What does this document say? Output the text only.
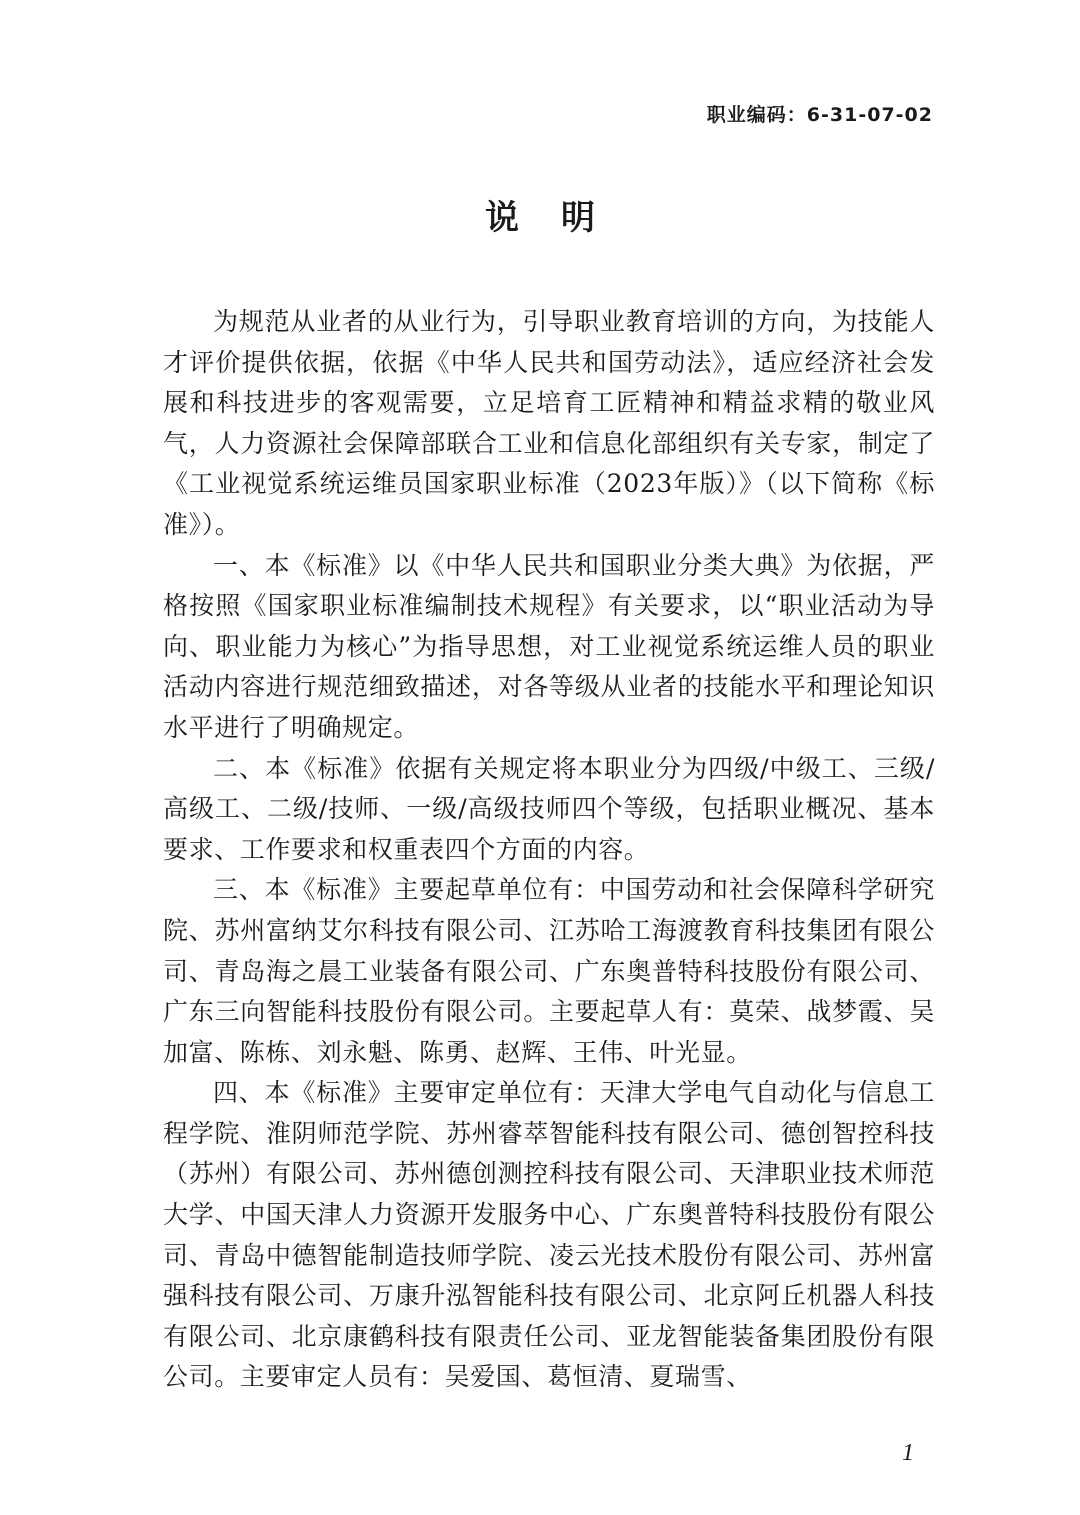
职业编码：6-31-07-02
说明

为规范从业者的从业行为，引导职业教育培训的方向，为技能人才评价提供依据，依据《中华人民共和国劳动法》，适应经济社会发展和科技进步的客观需要，立足培育工匠精神和精益求精的敬业风气，人力资源社会保障部联合工业和信息化部组织有关专家，制定了《工业视觉系统运维员国家职业标准（2023年版）》（以下简称《标准》）。

一、本《标准》以《中华人民共和国职业分类大典》为依据，严格按照《国家职业标准编制技术规程》有关要求，以“职业活动为导向、职业能力为核心”为指导思想，对工业视觉系统运维人员的职业活动内容进行规范细致描述，对各等级从业者的技能水平和理论知识水平进行了明确规定。

二、本《标准》依据有关规定将本职业分为四级/中级工、三级/高级工、二级/技师、一级/高级技师四个等级，包括职业概况、基本要求、工作要求和权重表四个方面的内容。

三、本《标准》主要起草单位有：中国劳动和社会保障科学研究院、苏州富纳艾尔科技有限公司、江苏哈工海渡教育科技集团有限公司、青岛海之晨工业装备有限公司、广东奥普特科技股份有限公司、广东三向智能科技股份有限公司。主要起草人有：莫荣、战梦霞、吴加富、陈栋、刘永魁、陈勇、赵辉、王伟、叶光显。

四、本《标准》主要审定单位有：天津大学电气自动化与信息工程学院、淮阴师范学院、苏州睿萃智能科技有限公司、德创智控科技（苏州）有限公司、苏州德创测控科技有限公司、天津职业技术师范大学、中国天津人力资源开发服务中心、广东奥普特科技股份有限公司、青岛中德智能制造技师学院、凌云光技术股份有限公司、苏州富强科技有限公司、万康升泓智能科技有限公司、北京阿丘机器人科技有限公司、北京康鹤科技有限责任公司、亚龙智能装备集团股份有限公司。主要审定人员有：吴爱国、葛恒清、夏瑞雪、

1
